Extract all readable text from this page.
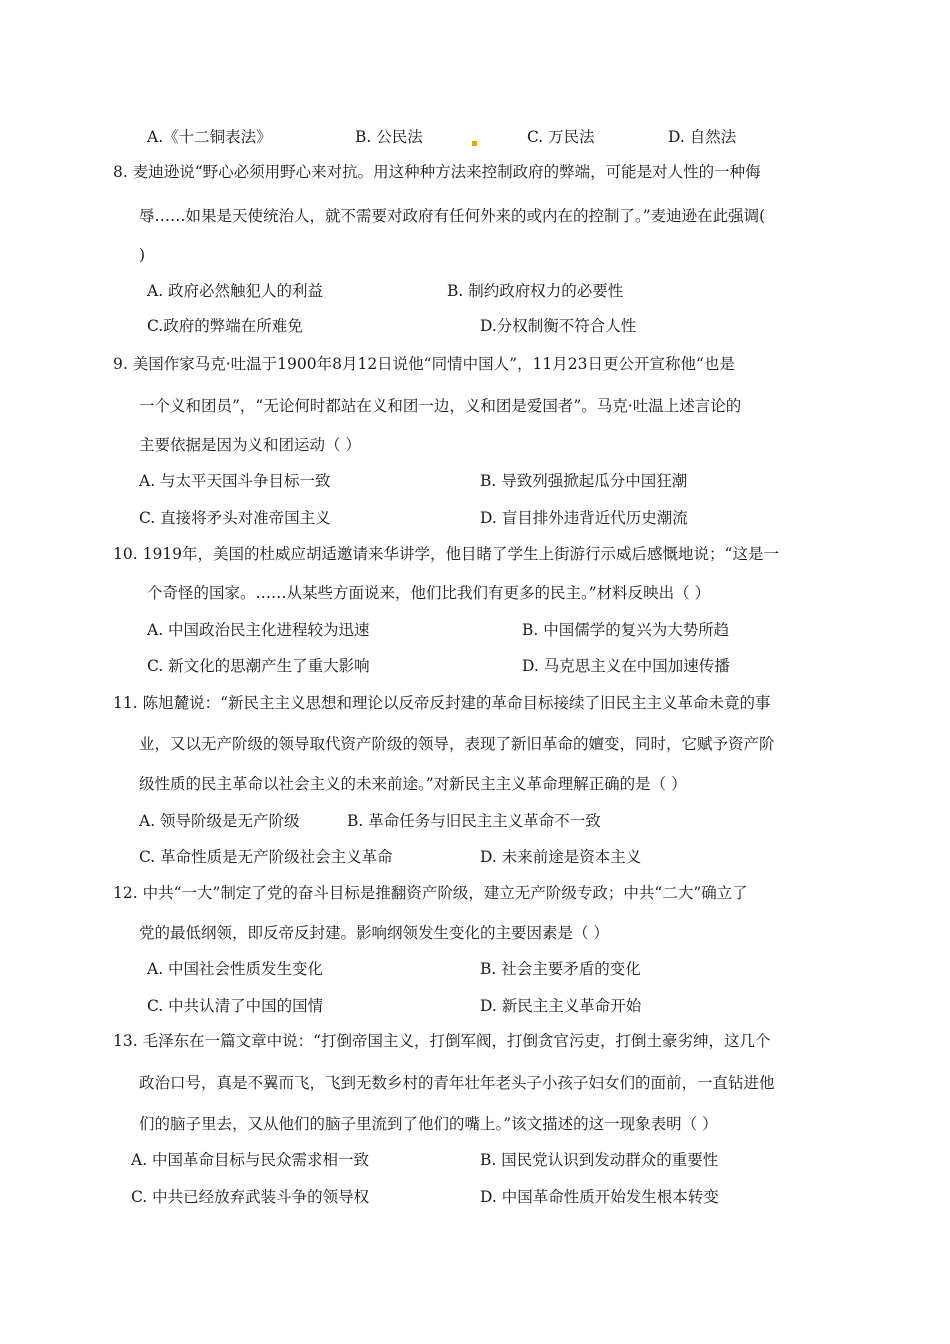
A.《十二铜表法》	B. 公民法	C. 万民法	D. 自然法
8. 麦迪逊说“野心必须用野心来对抗。用这种种方法来控制政府的弊端，可能是对人性的一种侮
辱……如果是天使统治人，就不需要对政府有任何外来的或内在的控制了。”麦迪逊在此强调(
)
A. 政府必然触犯人的利益	B. 制约政府权力的必要性
C.政府的弊端在所难免	D.分权制衡不符合人性
9. 美国作家马克·吐温于1900年8月12日说他“同情中国人”，11月23日更公开宣称他“也是
一个义和团员”，“无论何时都站在义和团一边，义和团是爱国者”。马克·吐温上述言论的
主要依据是因为义和团运动（ ）
A. 与太平天国斗争目标一致	B. 导致列强掀起瓜分中国狂潮
C. 直接将矛头对准帝国主义	D. 盲目排外违背近代历史潮流
10. 1919年，美国的杜威应胡适邀请来华讲学，他目睹了学生上街游行示威后感慨地说；“这是一
个奇怪的国家。……从某些方面说来，他们比我们有更多的民主。”材料反映出（ ）
A. 中国政治民主化进程较为迅速	B. 中国儒学的复兴为大势所趋
C. 新文化的思潮产生了重大影响	D. 马克思主义在中国加速传播
11. 陈旭麓说：“新民主主义思想和理论以反帝反封建的革命目标接续了旧民主主义革命未竟的事
业，又以无产阶级的领导取代资产阶级的领导，表现了新旧革命的嬗变，同时，它赋予资产阶
级性质的民主革命以社会主义的未来前途。”对新民主主义革命理解正确的是（ ）
A. 领导阶级是无产阶级	B. 革命任务与旧民主主义革命不一致
C. 革命性质是无产阶级社会主义革命	D. 未来前途是资本主义
12. 中共“一大”制定了党的奋斗目标是推翻资产阶级，建立无产阶级专政；中共“二大”确立了
党的最低纲领，即反帝反封建。影响纲领发生变化的主要因素是（ ）
A. 中国社会性质发生变化	B. 社会主要矛盾的变化
C. 中共认清了中国的国情	D. 新民主主义革命开始
13. 毛泽东在一篇文章中说：“打倒帝国主义，打倒军阀，打倒贪官污吏，打倒土豪劣绅，这几个
政治口号，真是不翼而飞，飞到无数乡村的青年壮年老头子小孩子妇女们的面前，一直钻进他
们的脑子里去，又从他们的脑子里流到了他们的嘴上。”该文描述的这一现象表明（ ）
A. 中国革命目标与民众需求相一致	B. 国民党认识到发动群众的重要性
C. 中共已经放弃武装斗争的领导权	D. 中国革命性质开始发生根本转变
